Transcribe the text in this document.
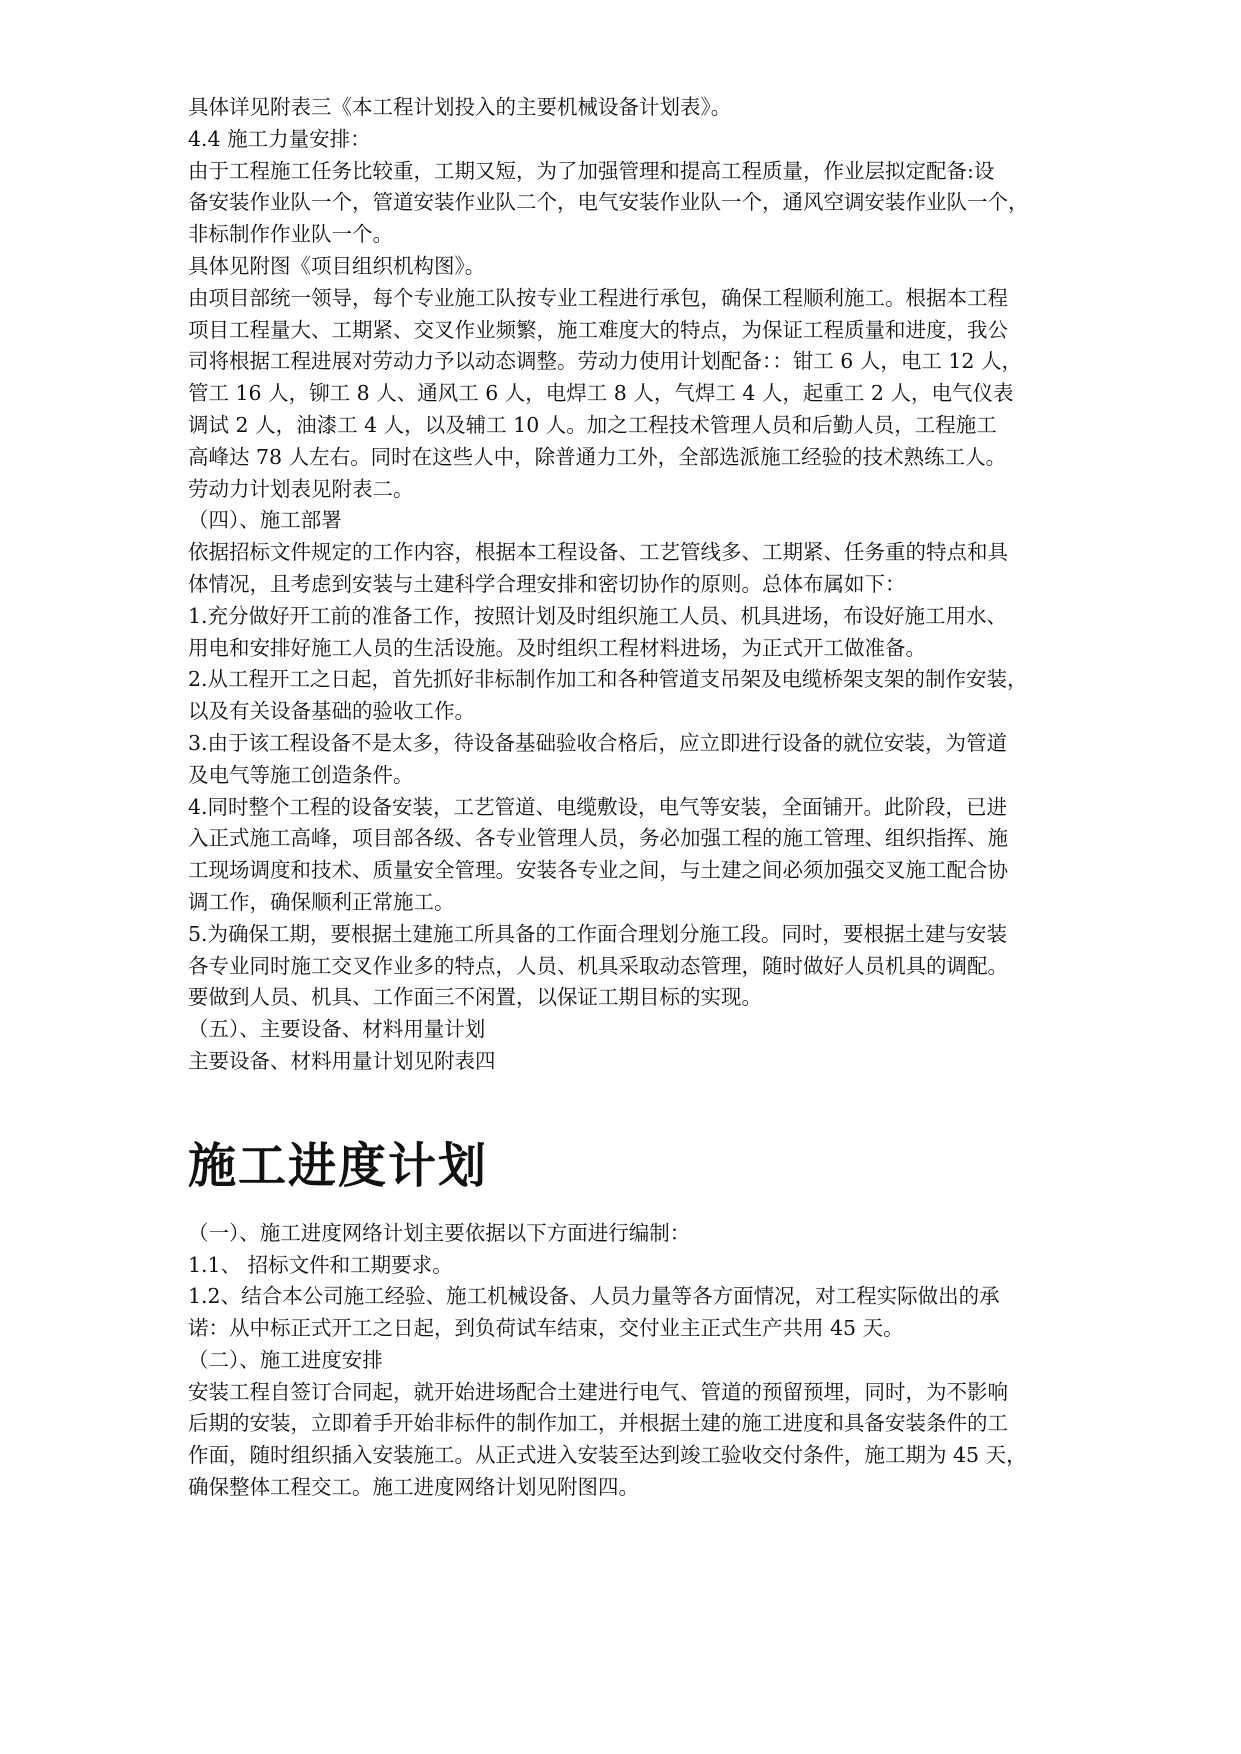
具体详见附表三《本工程计划投入的主要机械设备计划表》。

4.4 施工力量安排：

由于工程施工任务比较重，工期又短，为了加强管理和提高工程质量，作业层拟定配备:设

备安装作业队一个，管道安装作业队二个，电气安装作业队一个，通风空调安装作业队一个，

非标制作作业队一个。

具体见附图《项目组织机构图》。

由项目部统一领导，每个专业施工队按专业工程进行承包，确保工程顺利施工。根据本工程

项目工程量大、工期紧、交叉作业频繁，施工难度大的特点，为保证工程质量和进度，我公

司将根据工程进展对劳动力予以动态调整。劳动力使用计划配备：：钳工 6 人，电工 12 人，

管工 16 人，铆工 8 人、通风工 6 人，电焊工 8 人，气焊工 4 人，起重工 2 人，电气仪表

调试 2 人，油漆工 4 人，以及辅工 10 人。加之工程技术管理人员和后勤人员，工程施工

高峰达 78 人左右。同时在这些人中，除普通力工外，全部选派施工经验的技术熟练工人。

劳动力计划表见附表二。

（四）、施工部署

依据招标文件规定的工作内容，根据本工程设备、工艺管线多、工期紧、任务重的特点和具

体情况，且考虑到安装与土建科学合理安排和密切协作的原则。总体布属如下：

1.充分做好开工前的准备工作，按照计划及时组织施工人员、机具进场，布设好施工用水、

用电和安排好施工人员的生活设施。及时组织工程材料进场，为正式开工做准备。

2.从工程开工之日起，首先抓好非标制作加工和各种管道支吊架及电缆桥架支架的制作安装，

以及有关设备基础的验收工作。

3.由于该工程设备不是太多，待设备基础验收合格后，应立即进行设备的就位安装，为管道

及电气等施工创造条件。

4.同时整个工程的设备安装，工艺管道、电缆敷设，电气等安装，全面铺开。此阶段，已进

入正式施工高峰，项目部各级、各专业管理人员，务必加强工程的施工管理、组织指挥、施

工现场调度和技术、质量安全管理。安装各专业之间，与土建之间必须加强交叉施工配合协

调工作，确保顺利正常施工。

5.为确保工期，要根据土建施工所具备的工作面合理划分施工段。同时，要根据土建与安装

各专业同时施工交叉作业多的特点，人员、机具采取动态管理，随时做好人员机具的调配。

要做到人员、机具、工作面三不闲置，以保证工期目标的实现。

（五）、主要设备、材料用量计划

主要设备、材料用量计划见附表四

施工进度计划

（一）、施工进度网络计划主要依据以下方面进行编制：

1.1、 招标文件和工期要求。

1.2、结合本公司施工经验、施工机械设备、人员力量等各方面情况，对工程实际做出的承

诺：从中标正式开工之日起，到负荷试车结束，交付业主正式生产共用 45 天。

（二）、施工进度安排

安装工程自签订合同起，就开始进场配合土建进行电气、管道的预留预埋，同时，为不影响

后期的安装，立即着手开始非标件的制作加工，并根据土建的施工进度和具备安装条件的工

作面，随时组织插入安装施工。从正式进入安装至达到竣工验收交付条件，施工期为 45 天，

确保整体工程交工。施工进度网络计划见附图四。
